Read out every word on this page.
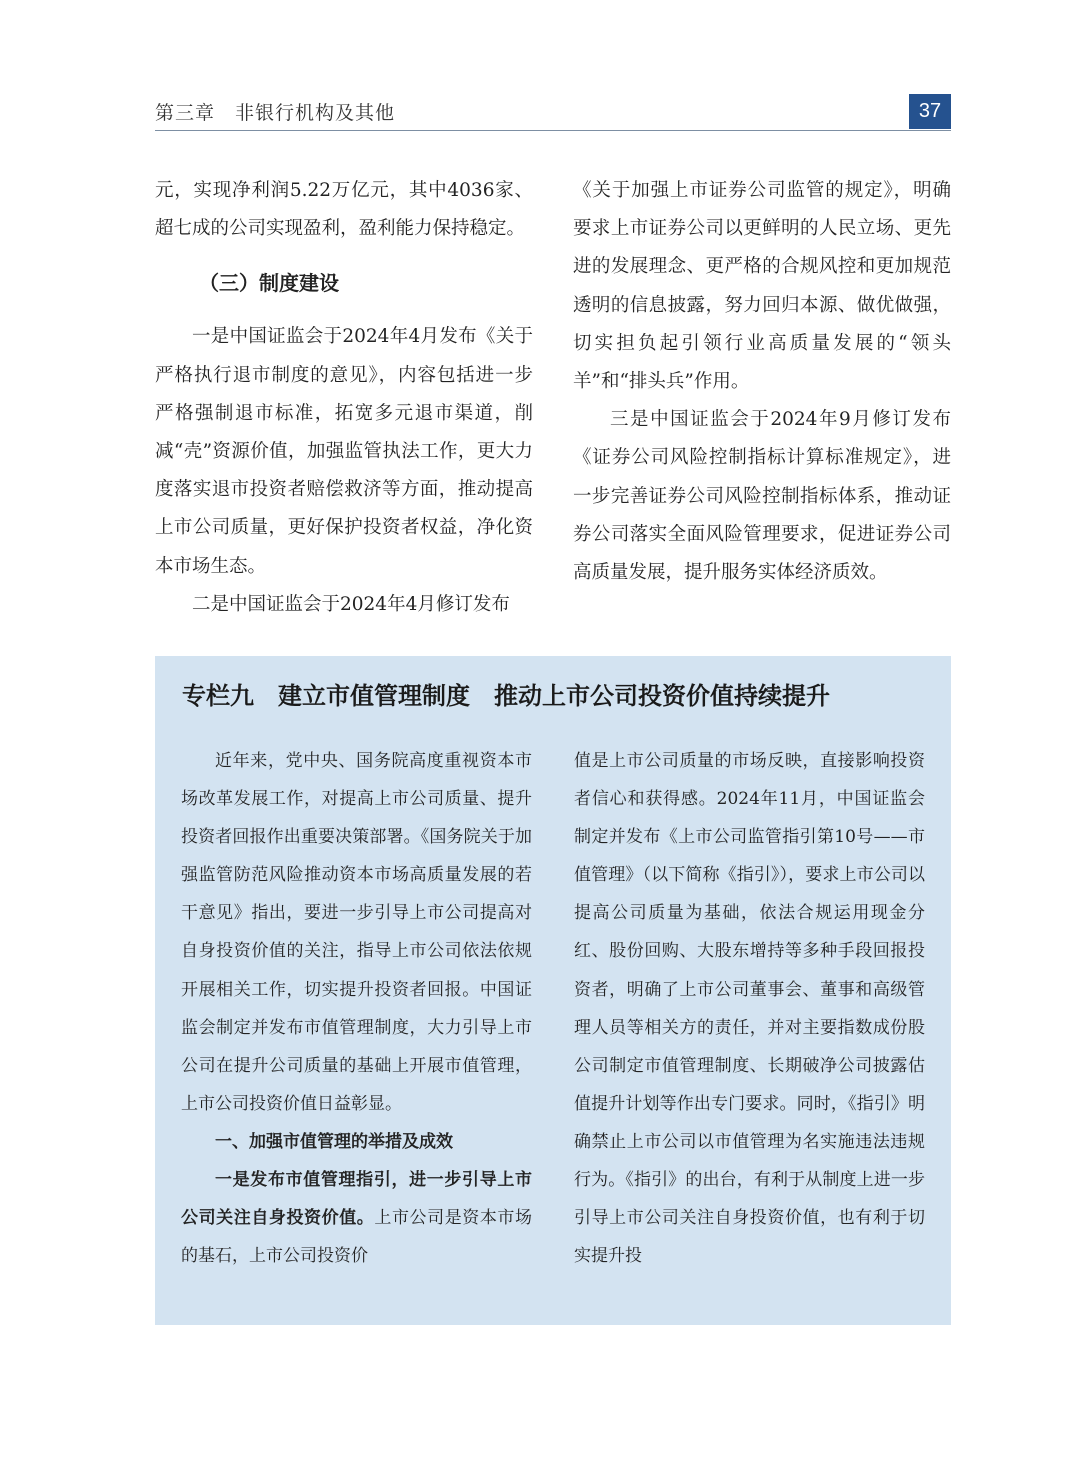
第三章　非银行机构及其他	37

元，实现净利润5.22万亿元，其中4036家、超七成的公司实现盈利，盈利能力保持稳定。

（三）制度建设

一是中国证监会于2024年4月发布《关于严格执行退市制度的意见》，内容包括进一步严格强制退市标准，拓宽多元退市渠道，削减“壳”资源价值，加强监管执法工作，更大力度落实退市投资者赔偿救济等方面，推动提高上市公司质量，更好保护投资者权益，净化资本市场生态。

二是中国证监会于2024年4月修订发布

《关于加强上市证券公司监管的规定》，明确要求上市证券公司以更鲜明的人民立场、更先进的发展理念、更严格的合规风控和更加规范透明的信息披露，努力回归本源、做优做强，切实担负起引领行业高质量发展的“领头羊”和“排头兵”作用。

三是中国证监会于2024年9月修订发布《证券公司风险控制指标计算标准规定》，进一步完善证券公司风险控制指标体系，推动证券公司落实全面风险管理要求，促进证券公司高质量发展，提升服务实体经济质效。

专栏九　建立市值管理制度　推动上市公司投资价值持续提升

近年来，党中央、国务院高度重视资本市场改革发展工作，对提高上市公司质量、提升投资者回报作出重要决策部署。《国务院关于加强监管防范风险推动资本市场高质量发展的若干意见》指出，要进一步引导上市公司提高对自身投资价值的关注，指导上市公司依法依规开展相关工作，切实提升投资者回报。中国证监会制定并发布市值管理制度，大力引导上市公司在提升公司质量的基础上开展市值管理，上市公司投资价值日益彰显。

一、加强市值管理的举措及成效

一是发布市值管理指引，进一步引导上市公司关注自身投资价值。上市公司是资本市场的基石，上市公司投资价

值是上市公司质量的市场反映，直接影响投资者信心和获得感。2024年11月，中国证监会制定并发布《上市公司监管指引第10号——市值管理》（以下简称《指引》），要求上市公司以提高公司质量为基础，依法合规运用现金分红、股份回购、大股东增持等多种手段回报投资者，明确了上市公司董事会、董事和高级管理人员等相关方的责任，并对主要指数成份股公司制定市值管理制度、长期破净公司披露估值提升计划等作出专门要求。同时，《指引》明确禁止上市公司以市值管理为名实施违法违规行为。《指引》的出台，有利于从制度上进一步引导上市公司关注自身投资价值，也有利于切实提升投
